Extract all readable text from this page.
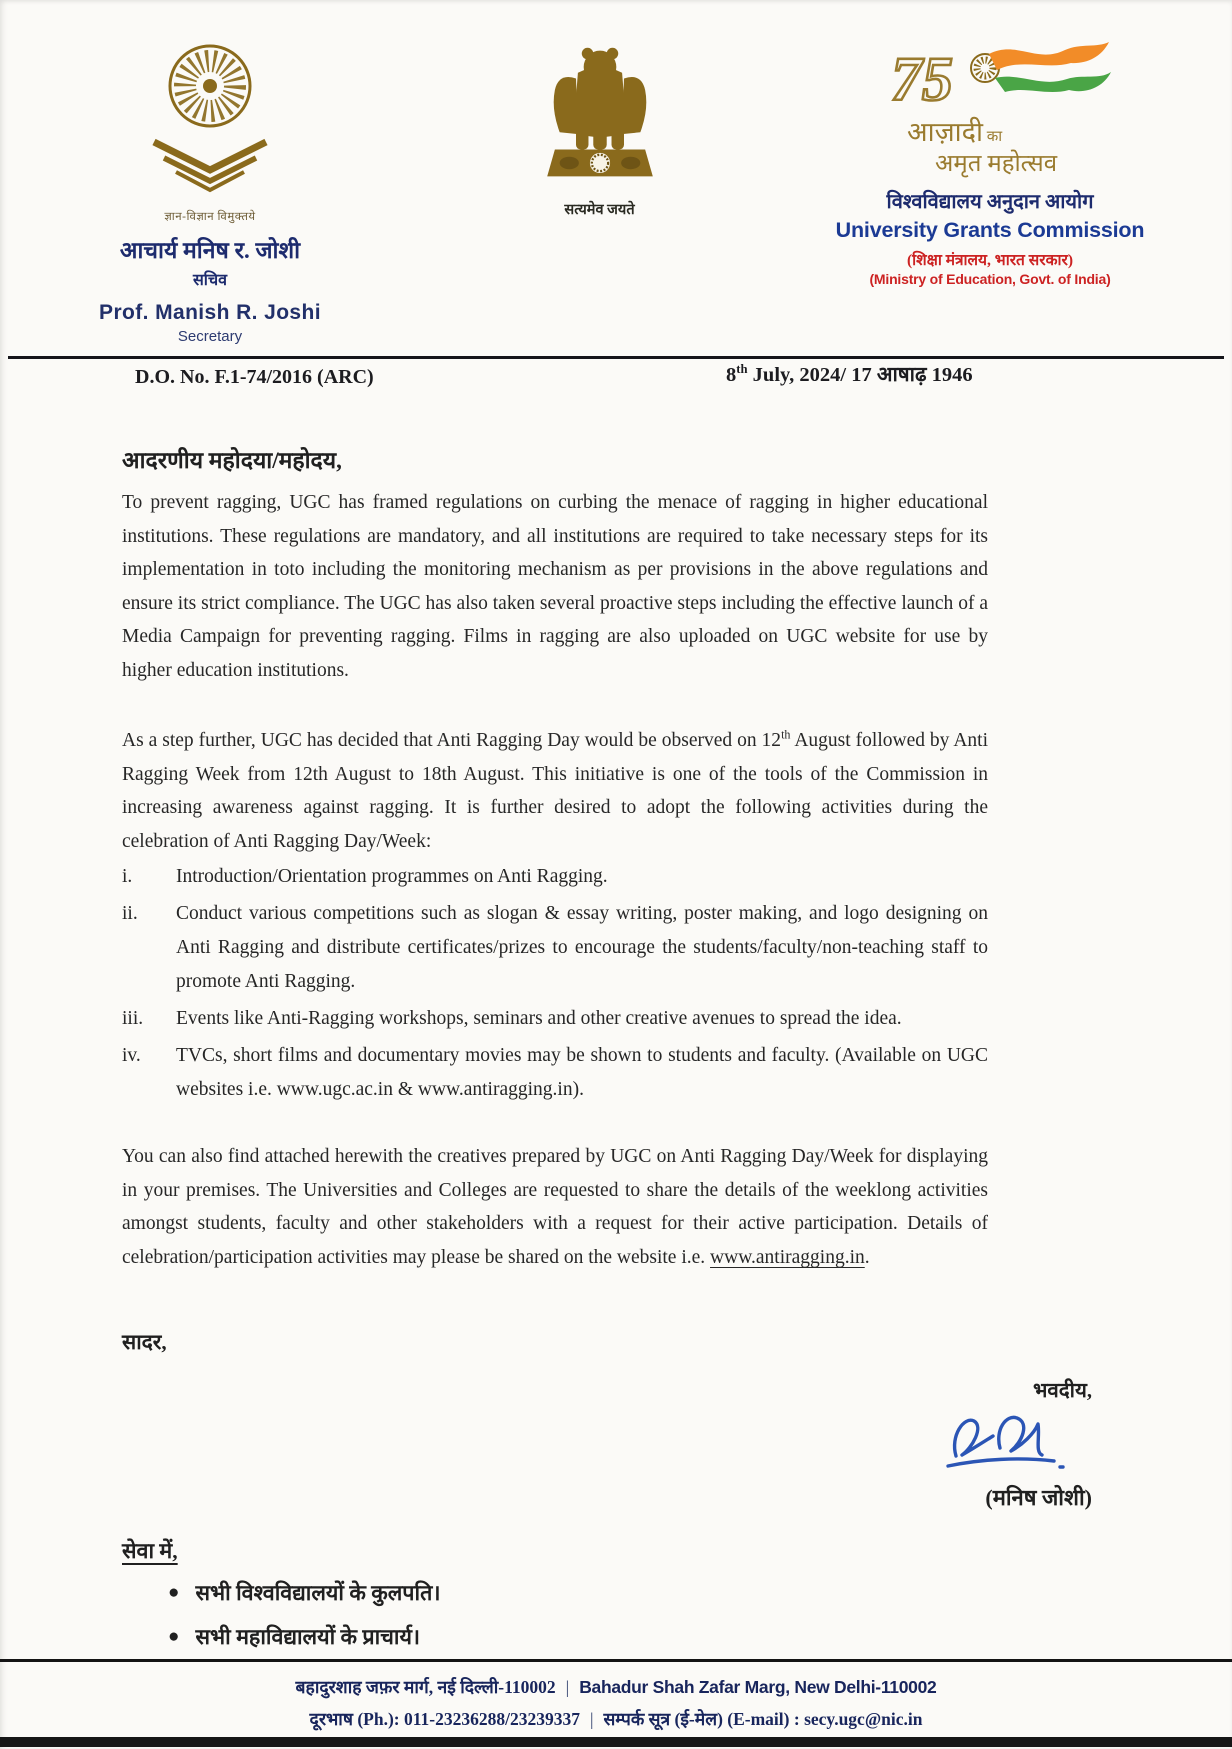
ज्ञान-विज्ञान विमुक्तये
आचार्य मनिष र. जोशी
सचिव
Prof. Manish R. Joshi
Secretary
सत्यमेव जयते
75
आज़ादी का
अमृत महोत्सव
विश्वविद्यालय अनुदान आयोग
University Grants Commission
(शिक्षा मंत्रालय, भारत सरकार)
(Ministry of Education, Govt. of India)
D.O. No. F.1-74/2016 (ARC)	8th July, 2024/ 17 आषाढ़ 1946
आदरणीय महोदया/महोदय,
To prevent ragging, UGC has framed regulations on curbing the menace of ragging in higher educational institutions. These regulations are mandatory, and all institutions are required to take necessary steps for its implementation in toto including the monitoring mechanism as per provisions in the above regulations and ensure its strict compliance. The UGC has also taken several proactive steps including the effective launch of a Media Campaign for preventing ragging. Films in ragging are also uploaded on UGC website for use by higher education institutions.
As a step further, UGC has decided that Anti Ragging Day would be observed on 12th August followed by Anti Ragging Week from 12th August to 18th August. This initiative is one of the tools of the Commission in increasing awareness against ragging. It is further desired to adopt the following activities during the celebration of Anti Ragging Day/Week:
i.	Introduction/Orientation programmes on Anti Ragging.
ii.	Conduct various competitions such as slogan & essay writing, poster making, and logo designing on Anti Ragging and distribute certificates/prizes to encourage the students/faculty/non-teaching staff to promote Anti Ragging.
iii.	Events like Anti-Ragging workshops, seminars and other creative avenues to spread the idea.
iv.	TVCs, short films and documentary movies may be shown to students and faculty. (Available on UGC websites i.e. www.ugc.ac.in & www.antiragging.in).
You can also find attached herewith the creatives prepared by UGC on Anti Ragging Day/Week for displaying in your premises. The Universities and Colleges are requested to share the details of the weeklong activities amongst students, faculty and other stakeholders with a request for their active participation. Details of celebration/participation activities may please be shared on the website i.e. www.antiragging.in.
सादर,
भवदीय,
(मनिष जोशी)
सेवा में,
● सभी विश्वविद्यालयों के कुलपति।
● सभी महाविद्यालयों के प्राचार्य।
बहादुरशाह जफ़र मार्ग, नई दिल्ली-110002 | Bahadur Shah Zafar Marg, New Delhi-110002
दूरभाष (Ph.): 011-23236288/23239337 | सम्पर्क सूत्र (ई-मेल) (E-mail) : secy.ugc@nic.in
